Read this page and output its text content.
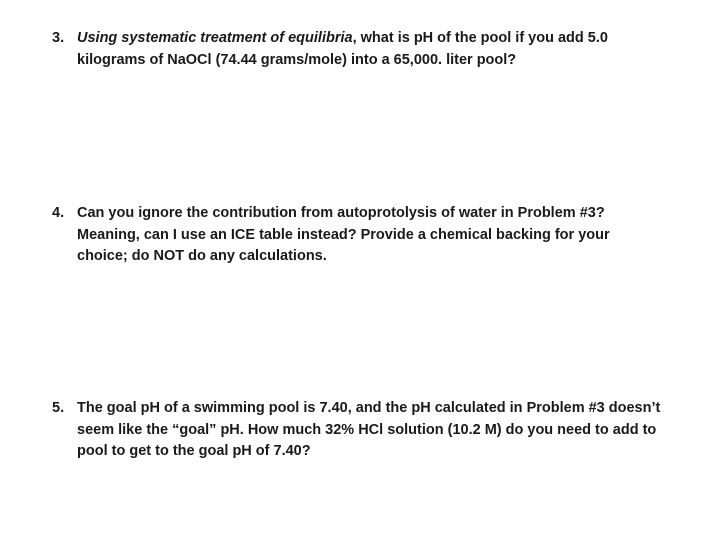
3. Using systematic treatment of equilibria, what is pH of the pool if you add 5.0 kilograms of NaOCl (74.44 grams/mole) into a 65,000. liter pool?
4. Can you ignore the contribution from autoprotolysis of water in Problem #3? Meaning, can I use an ICE table instead? Provide a chemical backing for your choice; do NOT do any calculations.
5. The goal pH of a swimming pool is 7.40, and the pH calculated in Problem #3 doesn’t seem like the “goal” pH. How much 32% HCl solution (10.2 M) do you need to add to pool to get to the goal pH of 7.40?
